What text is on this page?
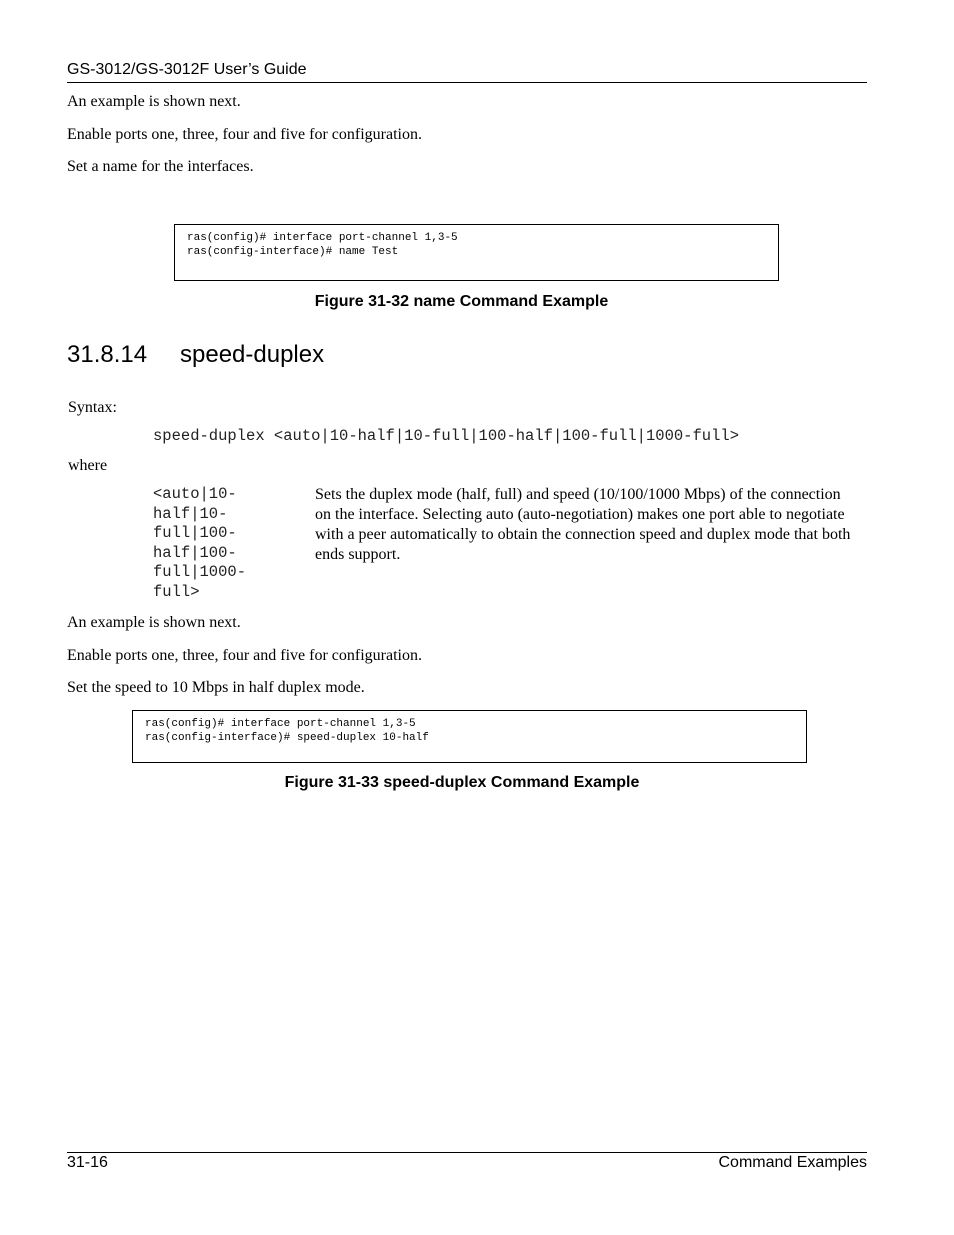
GS-3012/GS-3012F User’s Guide
An example is shown next.
Enable ports one, three, four and five for configuration.
Set a name for the interfaces.
ras(config)# interface port-channel 1,3-5
ras(config-interface)# name Test
Figure 31-32 name Command Example
31.8.14 speed-duplex
Syntax:
speed-duplex <auto|10-half|10-full|100-half|100-full|1000-full>
where
<auto|10-
half|10-
full|100-
half|100-
full|1000-
full>
Sets the duplex mode (half, full) and speed (10/100/1000 Mbps) of the connection on the interface. Selecting auto (auto-negotiation) makes one port able to negotiate with a peer automatically to obtain the connection speed and duplex mode that both ends support.
An example is shown next.
Enable ports one, three, four and five for configuration.
Set the speed to 10 Mbps in half duplex mode.
ras(config)# interface port-channel 1,3-5
ras(config-interface)# speed-duplex 10-half
Figure 31-33 speed-duplex Command Example
31-16	Command Examples
